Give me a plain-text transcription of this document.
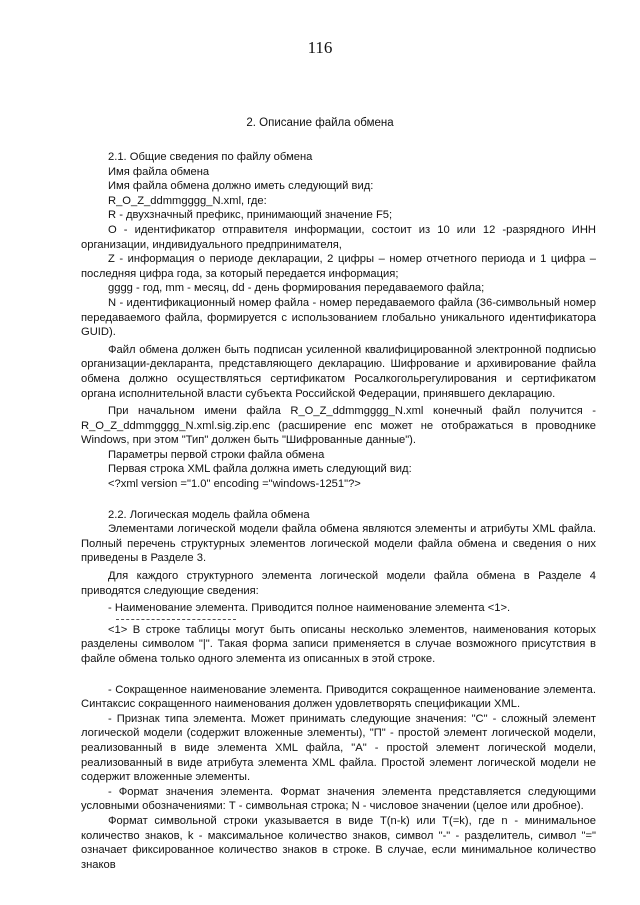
116
2. Описание файла обмена

2.1. Общие сведения по файлу обмена

Имя файла обмена

Имя файла обмена должно иметь следующий вид:

R_O_Z_ddmmgggg_N.xml, где:

R - двухзначный префикс, принимающий значение F5;

O - идентификатор отправителя информации, состоит из 10 или 12 -разрядного ИНН организации, индивидуального предпринимателя,

Z - информация о периоде декларации, 2 цифры – номер отчетного периода и 1 цифра – последняя цифра года, за который передается информация;

gggg - год, mm - месяц, dd - день формирования передаваемого файла;

N - идентификационный номер файла - номер передаваемого файла (36-символьный номер передаваемого файла, формируется с использованием глобально уникального идентификатора GUID).

Файл обмена должен быть подписан усиленной квалифицированной электронной подписью организации-декларанта, представляющего декларацию. Шифрование и архивирование файла обмена должно осуществляться сертификатом Росалкогольрегулирования и сертификатом органа исполнительной власти субъекта Российской Федерации, принявшего декларацию.

При начальном имени файла R_O_Z_ddmmgggg_N.xml конечный файл получится - R_O_Z_ddmmgggg_N.xml.sig.zip.enc (расширение enc может не отображаться в проводнике Windows, при этом "Тип" должен быть "Шифрованные данные").

Параметры первой строки файла обмена

Первая строка XML файла должна иметь следующий вид:

<?xml version ="1.0" encoding ="windows-1251"?>

2.2. Логическая модель файла обмена

Элементами логической модели файла обмена являются элементы и атрибуты XML файла. Полный перечень структурных элементов логической модели файла обмена и сведения о них приведены в Разделе 3.

Для каждого структурного элемента логической модели файла обмена в Разделе 4 приводятся следующие сведения:

- Наименование элемента. Приводится полное наименование элемента <1>.

<1> В строке таблицы могут быть описаны несколько элементов, наименования которых разделены символом "|". Такая форма записи применяется в случае возможного присутствия в файле обмена только одного элемента из описанных в этой строке.

- Сокращенное наименование элемента. Приводится сокращенное наименование элемента. Синтаксис сокращенного наименования должен удовлетворять спецификации XML.

- Признак типа элемента. Может принимать следующие значения: "С" - сложный элемент логической модели (содержит вложенные элементы), "П" - простой элемент логической модели, реализованный в виде элемента XML файла, "А" - простой элемент логической модели, реализованный в виде атрибута элемента XML файла. Простой элемент логической модели не содержит вложенные элементы.

- Формат значения элемента. Формат значения элемента представляется следующими условными обозначениями: Т - символьная строка; N - числовое значении (целое или дробное).

Формат символьной строки указывается в виде Т(n-k) или Т(=k), где n - минимальное количество знаков, k - максимальное количество знаков, символ "-" - разделитель, символ "=" означает фиксированное количество знаков в строке. В случае, если минимальное количество знаков
